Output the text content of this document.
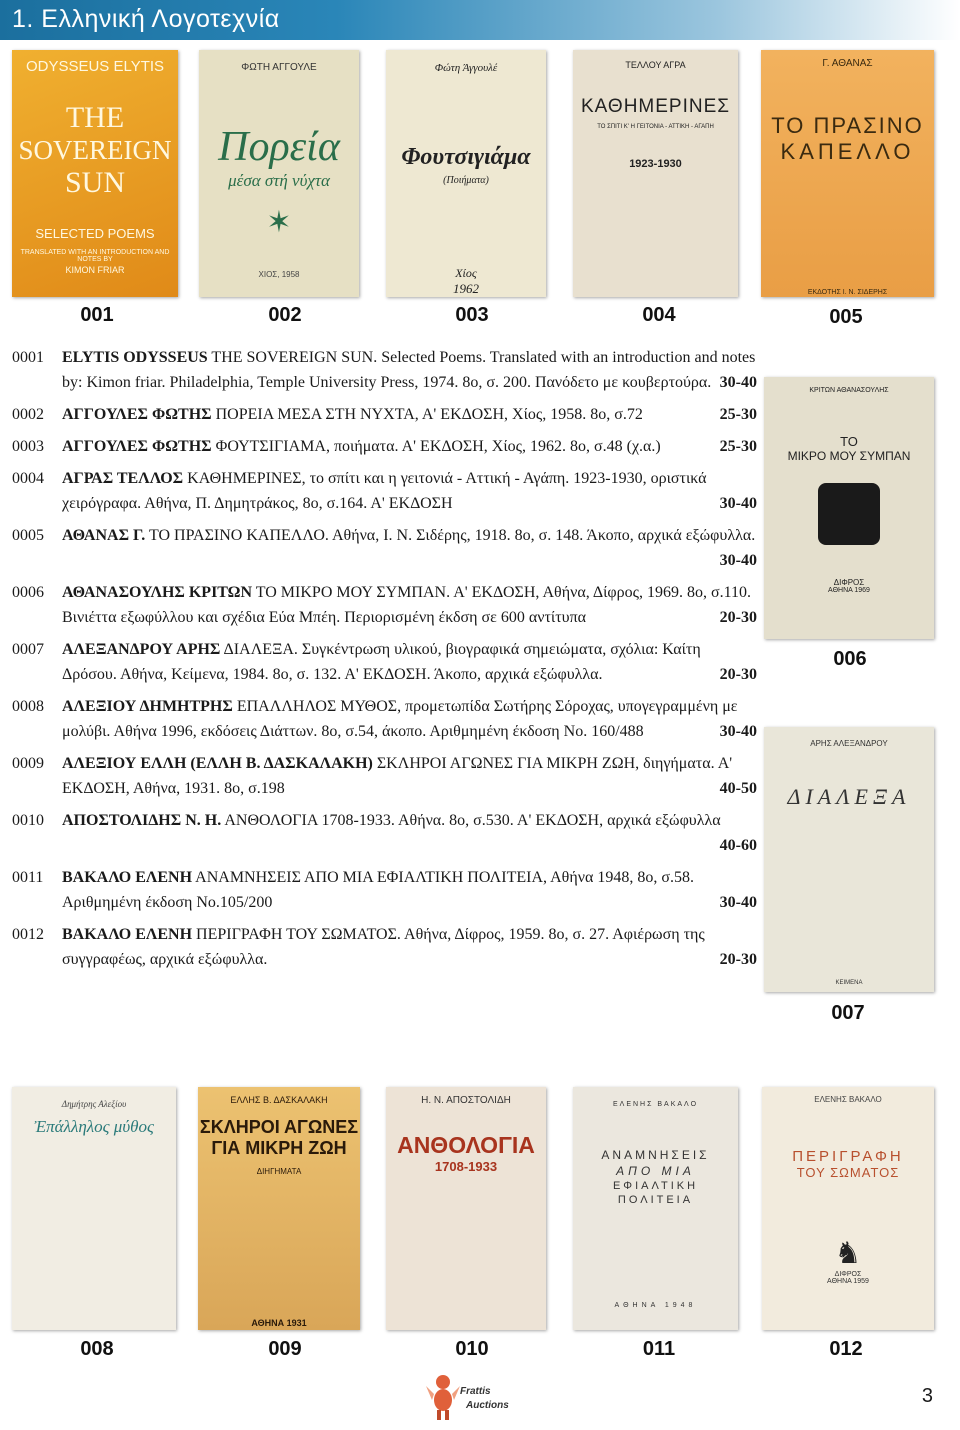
1. Ελληνική Λογοτεχνία
ODYSSEUS ELYTIS
THE
SOVEREIGN
SUN
SELECTED POEMS
TRANSLATED WITH AN INTRODUCTION AND NOTES BY
KIMON FRIAR
ΦΩΤΗ ΑΓΓΟΥΛΕ
Πορεία
μέσα στή νύχτα
✶
ΧΙΟΣ, 1958
Φώτη Άγγουλέ
Φουτσιγιάμα
(Ποιήματα)
Χίος
1962
ΤΕΛΛΟΥ ΑΓΡΑ
ΚΑΘΗΜΕΡΙΝΕΣ
ΤΟ ΣΠΙΤΙ Κ' Η ΓΕΙΤΟΝΙΑ - ΑΤΤΙΚΗ - ΑΓΑΠΗ
1923-1930
Γ. ΑΘΑΝΑΣ
ΤΟ ΠΡΑΣΙΝΟ
ΚΑΠΕΛΛΟ
ΕΚΔΟΤΗΣ Ι. Ν. ΣΙΔΕΡΗΣ
001	002	003	004	005
ΚΡΙΤΩΝ ΑΘΑΝΑΣΟΥΛΗΣ
ΤΟ
ΜΙΚΡΟ ΜΟΥ ΣΥΜΠΑΝ
ΔΙΦΡΟΣ
ΑΘΗΝΑ 1969
006
ΑΡΗΣ ΑΛΕΞΑΝΔΡΟΥ
ΔΙΑΛΕΞΑ
ΚΕΙΜΕΝΑ
007
Δημήτρης Αλεξίου
Ἐπάλληλος μύθος
ΕΛΛΗΣ Β. ΔΑΣΚΑΛΑΚΗ
ΣΚΛΗΡΟΙ ΑΓΩΝΕΣ
ΓΙΑ ΜΙΚΡΗ ΖΩΗ
ΔΙΗΓΗΜΑΤΑ
ΑΘΗΝΑ 1931
Η. Ν. ΑΠΟΣΤΟΛΙΔΗ
ΑΝΘΟΛΟΓΙΑ
1708-1933
ΕΛΕΝΗΣ ΒΑΚΑΛΟ
ΑΝΑΜΝΗΣΕΙΣ
ΑΠΟ ΜΙΑ
ΕΦΙΑΛΤΙΚΗ
ΠΟΛΙΤΕΙΑ
ΑΘΗΝΑ 1948
ΕΛΕΝΗΣ ΒΑΚΑΛΟ
ΠΕΡΙΓΡΑΦΗ
ΤΟΥ ΣΩΜΑΤΟΣ
♞
ΔΙΦΡΟΣ
ΑΘΗΝΑ 1959
008	009	010	011	012
0001 ELYTIS ODYSSEUS THE SOVEREIGN SUN. Selected Poems. Translated with an introduction and notes by: Kimon friar. Philadelphia, Temple University Press, 1974. 8ο, σ. 200. Πανόδετο με κουβερτούρα. 30-40
0002 ΑΓΓΟΥΛΕΣ ΦΩΤΗΣ ΠΟΡΕΙΑ ΜΕΣΑ ΣΤΗ ΝΥΧΤΑ, Α' ΕΚΔΟΣΗ, Χίος, 1958. 8ο, σ.72	25-30
0003 ΑΓΓΟΥΛΕΣ ΦΩΤΗΣ ΦΟΥΤΣΙΓΙΑΜΑ, ποιήματα. Α' ΕΚΔΟΣΗ, Χίος, 1962. 8ο, σ.48 (χ.α.)	25-30
0004 ΑΓΡΑΣ ΤΕΛΛΟΣ ΚΑΘΗΜΕΡΙΝΕΣ, το σπίτι και η γειτονιά - Αττική - Αγάπη. 1923-1930, οριστικά χειρόγραφα. Αθήνα, Π. Δημητράκος, 8ο, σ.164. Α' ΕΚΔΟΣΗ	30-40
0005 ΑΘΑΝΑΣ Γ. ΤΟ ΠΡΑΣΙΝΟ ΚΑΠΕΛΛΟ. Αθήνα, Ι. Ν. Σιδέρης, 1918. 8ο, σ. 148. Άκοπο, αρχικά εξώφυλλα.
30-40
0006 ΑΘΑΝΑΣΟΥΛΗΣ ΚΡΙΤΩΝ ΤΟ ΜΙΚΡΟ ΜΟΥ ΣΥΜΠΑΝ. Α' ΕΚΔΟΣΗ, Αθήνα, Δίφρος, 1969. 8ο, σ.110. Βινιέττα εξωφύλλου και σχέδια Εύα Μπέη. Περιορισμένη έκδση σε 600 αντίτυπα	20-30
0007 ΑΛΕΞΑΝΔΡΟΥ ΑΡΗΣ ΔΙΑΛΕΞΑ. Συγκέντρωση υλικού, βιογραφικά σημειώματα, σχόλια: Καίτη Δρόσου. Αθήνα, Κείμενα, 1984. 8ο, σ. 132. Α' ΕΚΔΟΣΗ. Άκοπο, αρχικά εξώφυλλα.	20-30
0008 ΑΛΕΞΙΟΥ ΔΗΜΗΤΡΗΣ ΕΠΑΛΛΗΛΟΣ ΜΥΘΟΣ, προμετωπίδα Σωτήρης Σόροχας, υπογεγραμμένη με μολύβι. Αθήνα 1996, εκδόσεις Διάττων. 8ο, σ.54, άκοπο. Αριθμημένη έκδοση Νο. 160/488	30-40
0009 ΑΛΕΞΙΟΥ ΕΛΛΗ (ΕΛΛΗ Β. ΔΑΣΚΑΛΑΚΗ) ΣΚΛΗΡΟΙ ΑΓΩΝΕΣ ΓΙΑ ΜΙΚΡΗ ΖΩΗ, διηγήματα. Α' ΕΚΔΟΣΗ, Αθήνα, 1931. 8ο, σ.198	40-50
0010 ΑΠΟΣΤΟΛΙΔΗΣ Ν. Η. ΑΝΘΟΛΟΓΙΑ 1708-1933. Αθήνα. 8ο, σ.530. Α' ΕΚΔΟΣΗ, αρχικά εξώφυλλα
40-60
0011 ΒΑΚΑΛΟ ΕΛΕΝΗ ΑΝΑΜΝΗΣΕΙΣ ΑΠΟ ΜΙΑ ΕΦΙΑΛΤΙΚΗ ΠΟΛΙΤΕΙΑ, Αθήνα 1948, 8ο, σ.58. Αριθμημένη έκδοση Νο.105/200	30-40
0012 ΒΑΚΑΛΟ ΕΛΕΝΗ ΠΕΡΙΓΡΑΦΗ ΤΟΥ ΣΩΜΑΤΟΣ. Αθήνα, Δίφρος, 1959. 8ο, σ. 27. Αφιέρωση της συγγραφέως, αρχικά εξώφυλλα.	20-30
Frattis
Auctions	3
